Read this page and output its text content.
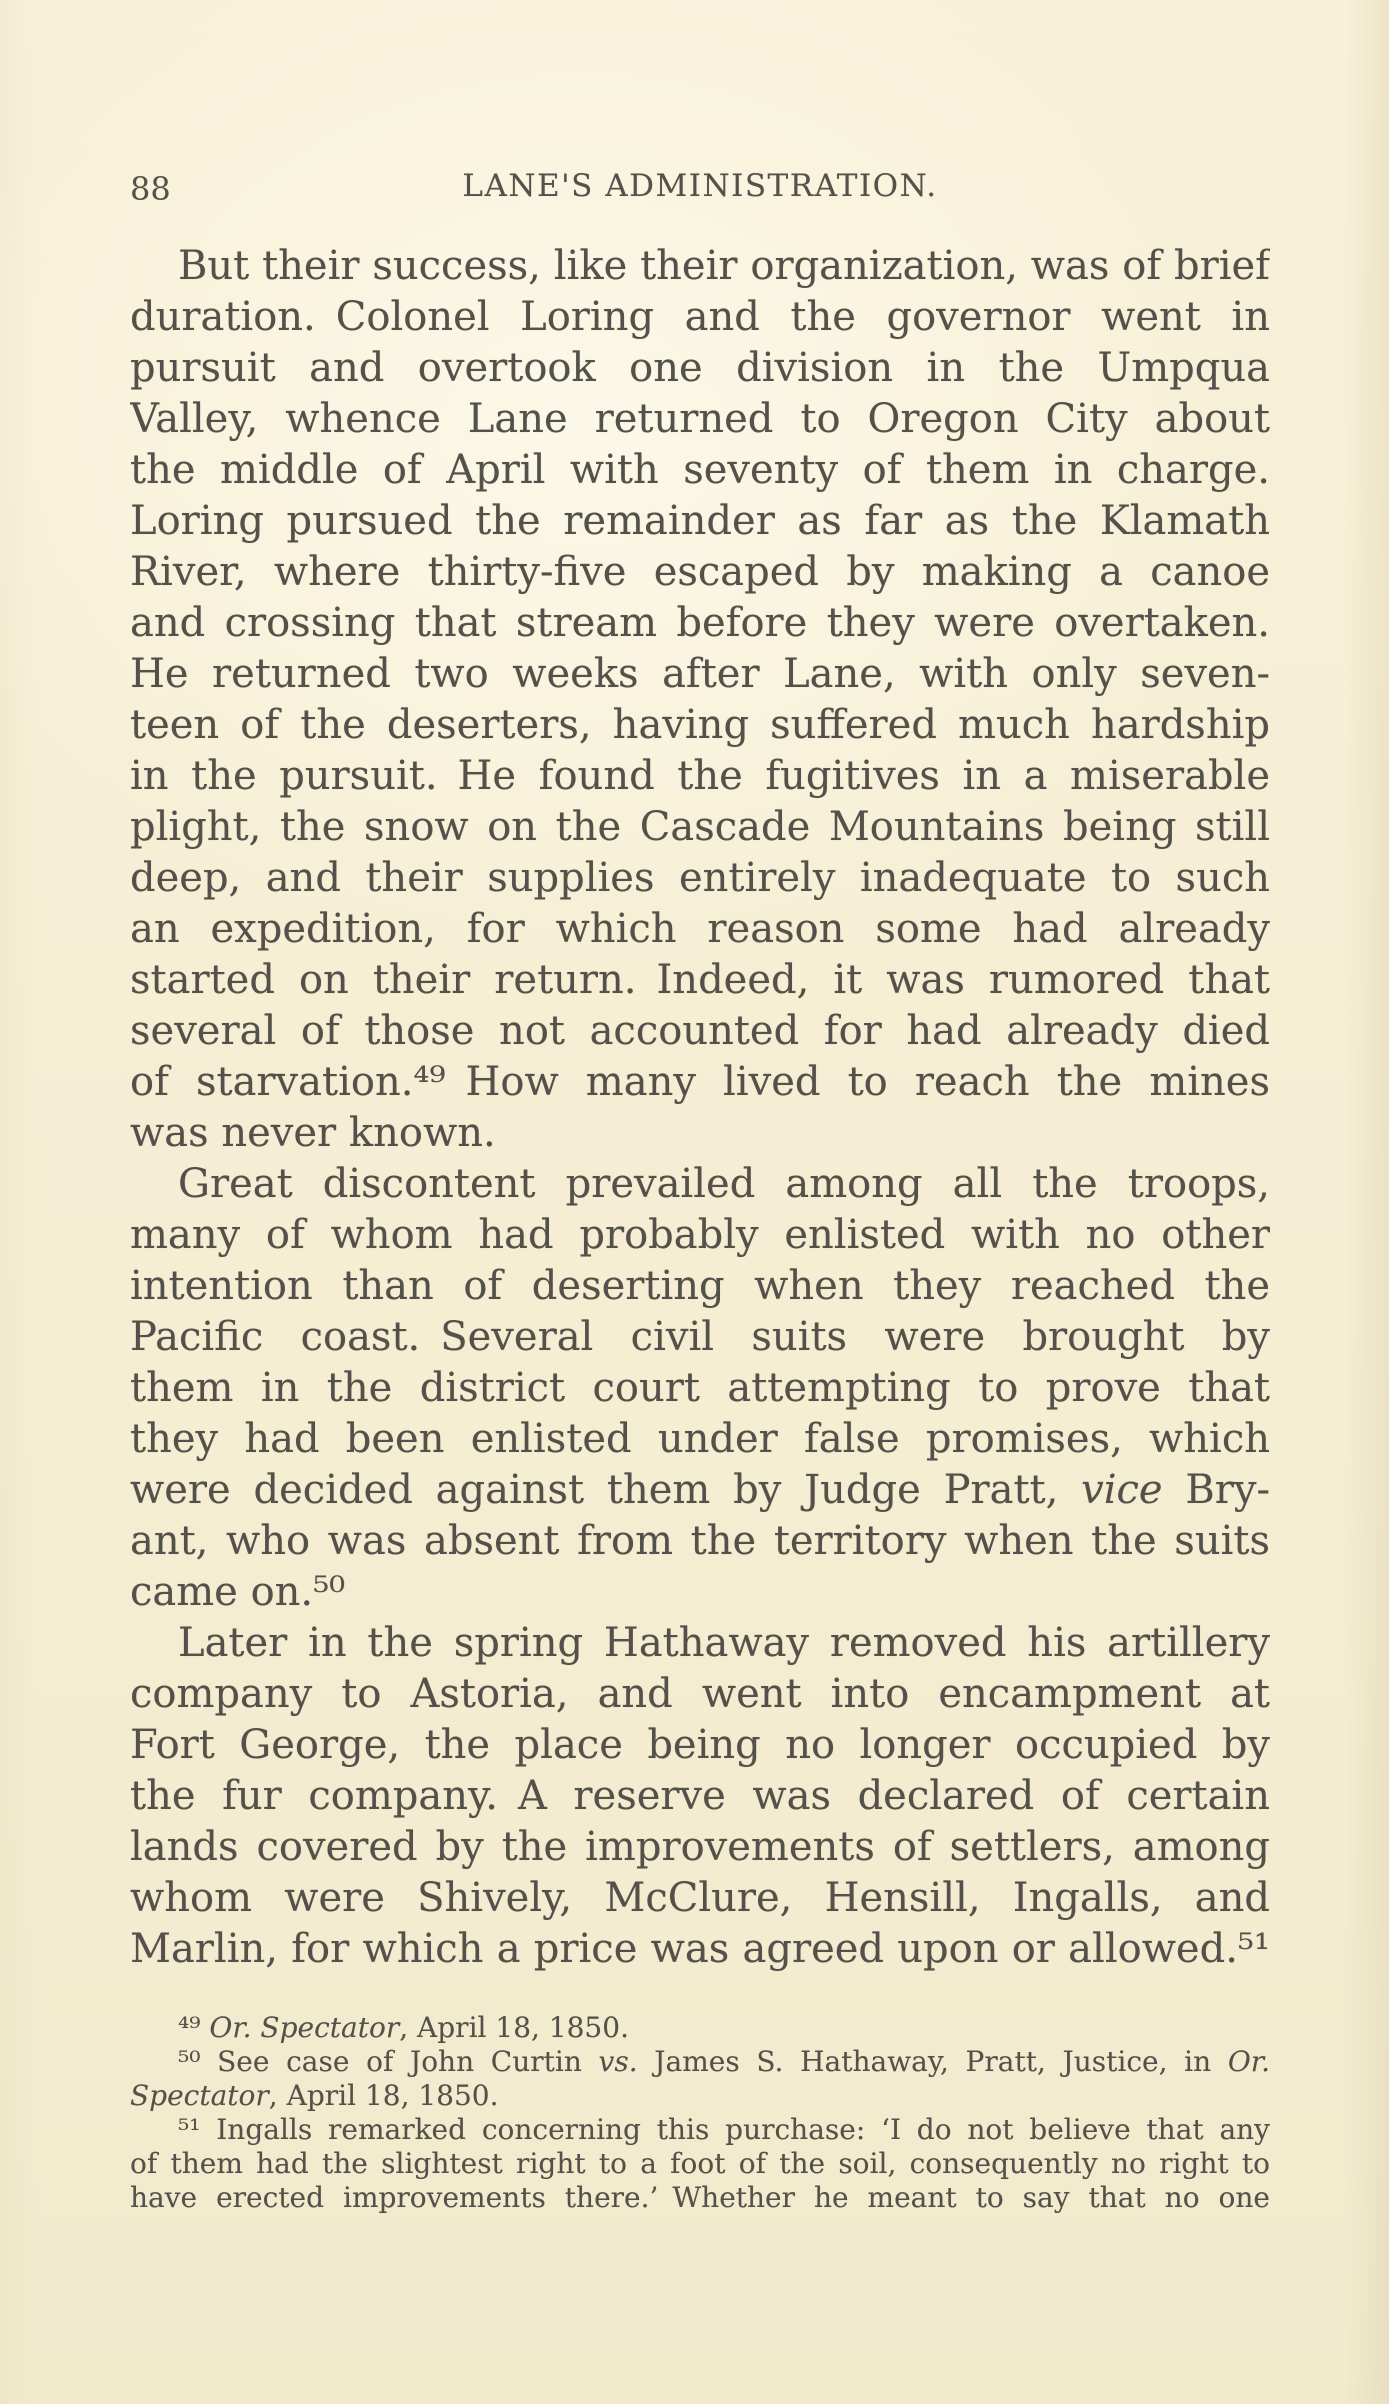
88	LANE'S ADMINISTRATION.
But their success, like their organization, was of brief
duration. Colonel Loring and the governor went in
pursuit and overtook one division in the Umpqua
Valley, whence Lane returned to Oregon City about
the middle of April with seventy of them in charge.
Loring pursued the remainder as far as the Klamath
River, where thirty-five escaped by making a canoe
and crossing that stream before they were overtaken.
He returned two weeks after Lane, with only seven-
teen of the deserters, having suffered much hardship
in the pursuit. He found the fugitives in a miserable
plight, the snow on the Cascade Mountains being still
deep, and their supplies entirely inadequate to such
an expedition, for which reason some had already
started on their return. Indeed, it was rumored that
several of those not accounted for had already died
of starvation.⁴⁹ How many lived to reach the mines
was never known.
Great discontent prevailed among all the troops,
many of whom had probably enlisted with no other
intention than of deserting when they reached the
Pacific coast. Several civil suits were brought by
them in the district court attempting to prove that
they had been enlisted under false promises, which
were decided against them by Judge Pratt, vice Bry-
ant, who was absent from the territory when the suits
came on.⁵⁰
Later in the spring Hathaway removed his artillery
company to Astoria, and went into encampment at
Fort George, the place being no longer occupied by
the fur company. A reserve was declared of certain
lands covered by the improvements of settlers, among
whom were Shively, McClure, Hensill, Ingalls, and
Marlin, for which a price was agreed upon or allowed.⁵¹
⁴⁹ Or. Spectator, April 18, 1850.
⁵⁰ See case of John Curtin vs. James S. Hathaway, Pratt, Justice, in Or.
Spectator, April 18, 1850.
⁵¹ Ingalls remarked concerning this purchase: ‘I do not believe that any
of them had the slightest right to a foot of the soil, consequently no right to
have erected improvements there.’ Whether he meant to say that no one
